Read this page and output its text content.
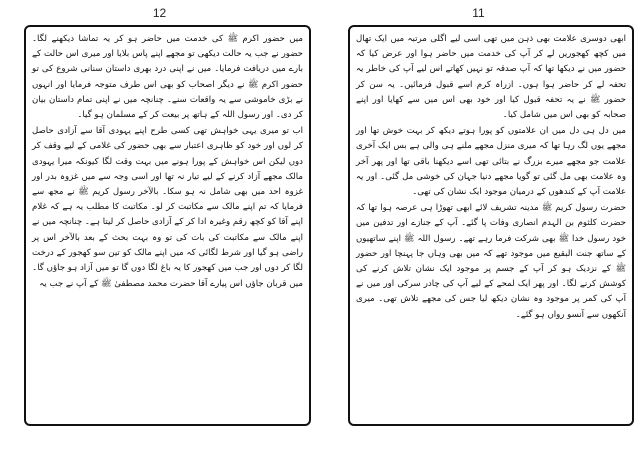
12

میں حضور اکرم ﷺ کی خدمت میں حاضر ہو کر یہ تماشا دیکھنے لگا۔ حضور نے جب یہ حالت دیکھی تو مجھے اپنے پاس بلایا اور میری اس حالت کے بارے میں دریافت فرمایا۔ میں نے اپنی درد بھری داستان سنانی شروع کی تو حضور اکرم ﷺ نے دیگر اصحاب کو بھی اس طرف متوجہ فرمایا اور انہوں نے بڑی خاموشی سے یہ واقعات سنے۔ چنانچہ میں نے اپنی تمام داستان بیان کر دی۔ اور رسول اللہ کے ہاتھ پر بیعت کر کے مسلمان ہو گیا۔

اب تو میری یہی خواہش تھی کسی طرح اپنے یہودی آقا سے آزادی حاصل کر لوں اور خود کو ظاہری اعتبار سے بھی حضور کی غلامی کے لیے وقف کر دوں لیکن اس خواہش کے پورا ہونے میں بہت وقت لگا کیونکہ میرا یہودی مالک مجھے آزاد کرنے کے لیے تیار نہ تھا اور اسی وجہ سے میں غزوہ بدر اور غزوہ احد میں بھی شامل نہ ہو سکا۔ بالآخر رسول کریم ﷺ نے مجھ سے فرمایا کہ تم اپنے مالک سے مکاتبت کر لو۔ مکاتبت کا مطلب یہ ہے کہ غلام اپنے آقا کو کچھ رقم وغیرہ ادا کر کے آزادی حاصل کر لیتا ہے۔ چنانچہ میں نے اپنے مالک سے مکاتبت کی بات کی تو وہ بہت بحث کے بعد بالآخر اس پر راضی ہو گیا اور شرط لگائی کہ میں اپنے مالک کو تین سو کھجور کے درخت لگا کر دوں اور جب میں کھجور کا یہ باغ لگا دوں گا تو میں آزاد ہو جاؤں گا۔

میں قربان جاؤں اس پیارے آقا حضرت محمد مصطفیٰ ﷺ کے آپ نے جب یہ

11

ابھی دوسری علامت بھی ذہن میں تھی اسی لیے اگلی مرتبہ میں ایک تھال میں کچھ کھجوریں لے کر آپ کی خدمت میں حاضر ہوا اور عرض کیا کہ حضور میں نے دیکھا تھا کہ آپ صدقہ تو نہیں کھاتے اس لیے آپ کی خاطر یہ تحفہ لے کر حاضر ہوا ہوں۔ ازراہ کرم اسے قبول فرمائیں۔ یہ سن کر حضور ﷺ نے یہ تحفہ قبول کیا اور خود بھی اس میں سے کھایا اور اپنے صحابہ کو بھی اس میں شامل کیا۔

میں دل ہی دل میں ان علامتوں کو پورا ہوتے دیکھ کر بہت خوش تھا اور مجھے یوں لگ رہا تھا کہ میری منزل مجھے ملنے ہی والی ہے بس ایک آخری علامت جو مجھے میرے بزرگ نے بتائی تھی اسے دیکھنا باقی تھا اور پھر آخر وہ علامت بھی مل گئی تو گویا مجھے دنیا جہان کی خوشی مل گئی۔ اور یہ علامت آپ کے کندھوں کے درمیان موجود ایک نشان کی تھی۔

حضرت رسول کریم ﷺ مدینہ تشریف لائے ابھی تھوڑا ہی عرصہ ہوا تھا کہ حضرت کلثوم بن الہدم انصاری وفات پا گئے۔ آپ کے جنازے اور تدفین میں خود رسول خدا ﷺ بھی شرکت فرما رہے تھے۔ رسول اللہ ﷺ اپنے ساتھیوں کے ساتھ جنت البقیع میں موجود تھے کہ میں بھی وہاں جا پہنچا اور حضور ﷺ کے نزدیک ہو کر آپ کے جسم پر موجود ایک نشان تلاش کرنے کی کوشش کرنے لگا۔ اور پھر ایک لمحے کے لیے آپ کی چادر سرکی اور میں نے آپ کی کمر پر موجود وہ نشان دیکھ لیا جس کی مجھے تلاش تھی۔ میری آنکھوں سے آنسو رواں ہو گئے۔
